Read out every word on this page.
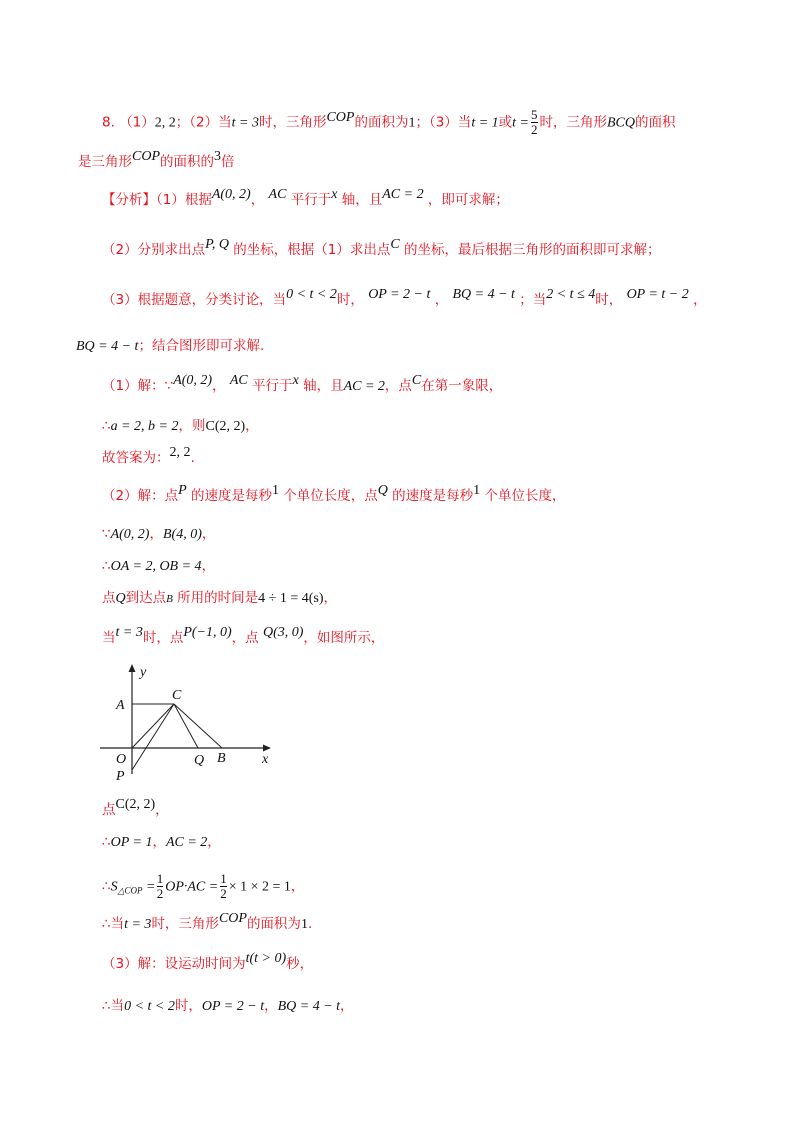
8. （1）2, 2；（2）当t = 3时，三角形COP的面积为1；（3）当t = 1或$t = \frac{5}{2}$ 时，三角形BCQ的面积
是三角形COP的面积的3倍
【分析】（1）根据A(0, 2)， AC 平行于x 轴，且AC = 2 ，即可求解；
（2）分别求出点P, Q 的坐标，根据（1）求出点C 的坐标，最后根据三角形的面积即可求解；
（3）根据题意，分类讨论，当0 < t < 2时， OP = 2 − t ， BQ = 4 − t ；当2 < t ≤ 4时， OP = t − 2 ，
BQ = 4 − t；结合图形即可求解.
（1）解：∵A(0, 2)， AC 平行于x 轴，且AC = 2，点C在第一象限，
∴a = 2, b = 2，则C(2, 2)，
故答案为：2, 2.
（2）解：点P 的速度是每秒1 个单位长度，点Q 的速度是每秒1 个单位长度，
∵A(0, 2)，B(4, 0)，
∴OA = 2, OB = 4，
点Q到达点B 所用的时间是4 ÷ 1 = 4(s)，
当t = 3时，点P(−1, 0)，点 Q(3, 0)，如图所示，
y
x
A
C
O
P
Q B
点C(2, 2)，
∴OP = 1，AC = 2，
$\therefore S_{\triangle COP} = \frac{1}{2} OP\cdot AC = \frac{1}{2} \times 1 \times 2 = 1$，
∴当t = 3时，三角形COP的面积为1.
（3）解：设运动时间为t(t > 0)秒，
∴当0 < t < 2时，OP = 2 − t，BQ = 4 − t，
